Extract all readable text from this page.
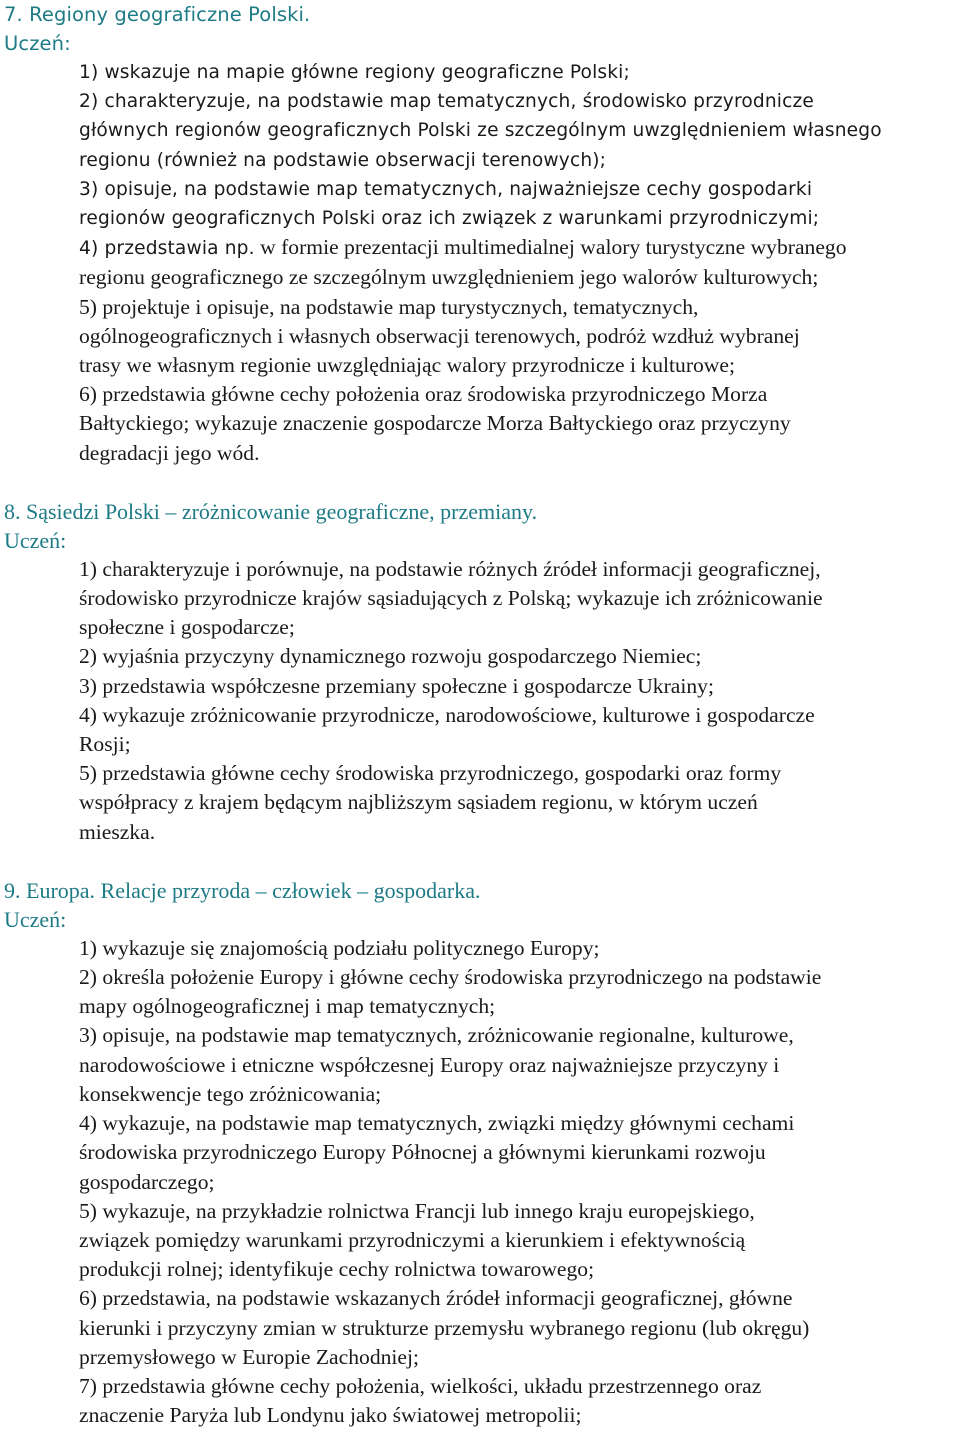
7. Regiony geograficzne Polski.

Uczeń:

1) wskazuje na mapie główne regiony geograficzne Polski;
2) charakteryzuje, na podstawie map tematycznych, środowisko przyrodnicze
głównych regionów geograficznych Polski ze szczególnym uwzględnieniem własnego
regionu (również na podstawie obserwacji terenowych);
3) opisuje, na podstawie map tematycznych, najważniejsze cechy gospodarki
regionów geograficznych Polski oraz ich związek z warunkami przyrodniczymi;
4) przedstawia np. w formie prezentacji multimedialnej walory turystyczne wybranego
regionu geograficznego ze szczególnym uwzględnieniem jego walorów kulturowych;
5) projektuje i opisuje, na podstawie map turystycznych, tematycznych,
ogólnogeograficznych i własnych obserwacji terenowych, podróż wzdłuż wybranej
trasy we własnym regionie uwzględniając walory przyrodnicze i kulturowe;
6) przedstawia główne cechy położenia oraz środowiska przyrodniczego Morza
Bałtyckiego; wykazuje znaczenie gospodarcze Morza Bałtyckiego oraz przyczyny
degradacji jego wód.

8. Sąsiedzi Polski – zróżnicowanie geograficzne, przemiany.

Uczeń:

1) charakteryzuje i porównuje, na podstawie różnych źródeł informacji geograficznej,
środowisko przyrodnicze krajów sąsiadujących z Polską; wykazuje ich zróżnicowanie
społeczne i gospodarcze;
2) wyjaśnia przyczyny dynamicznego rozwoju gospodarczego Niemiec;
3) przedstawia współczesne przemiany społeczne i gospodarcze Ukrainy;
4) wykazuje zróżnicowanie przyrodnicze, narodowościowe, kulturowe i gospodarcze
Rosji;
5) przedstawia główne cechy środowiska przyrodniczego, gospodarki oraz formy
współpracy z krajem będącym najbliższym sąsiadem regionu, w którym uczeń
mieszka.

9. Europa. Relacje przyroda – człowiek – gospodarka.

Uczeń:

1) wykazuje się znajomością podziału politycznego Europy;
2) określa położenie Europy i główne cechy środowiska przyrodniczego na podstawie
mapy ogólnogeograficznej i map tematycznych;
3) opisuje, na podstawie map tematycznych, zróżnicowanie regionalne, kulturowe,
narodowościowe i etniczne współczesnej Europy oraz najważniejsze przyczyny i
konsekwencje tego zróżnicowania;
4) wykazuje, na podstawie map tematycznych, związki między głównymi cechami
środowiska przyrodniczego Europy Północnej a głównymi kierunkami rozwoju
gospodarczego;
5) wykazuje, na przykładzie rolnictwa Francji lub innego kraju europejskiego,
związek pomiędzy warunkami przyrodniczymi a kierunkiem i efektywnością
produkcji rolnej; identyfikuje cechy rolnictwa towarowego;
6) przedstawia, na podstawie wskazanych źródeł informacji geograficznej, główne
kierunki i przyczyny zmian w strukturze przemysłu wybranego regionu (lub okręgu)
przemysłowego w Europie Zachodniej;
7) przedstawia główne cechy położenia, wielkości, układu przestrzennego oraz
znaczenie Paryża lub Londynu jako światowej metropolii;
